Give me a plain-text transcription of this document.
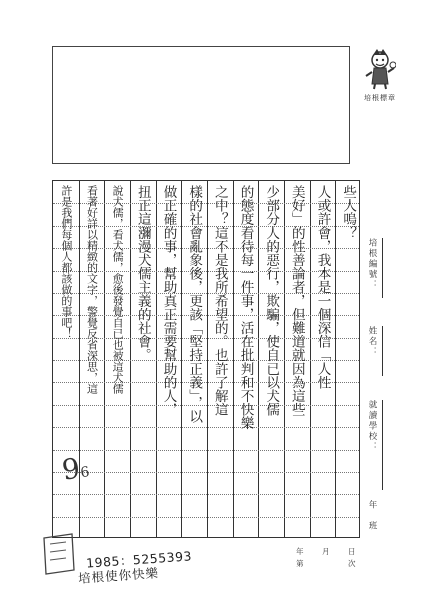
培根標章
些人嗚？
人或許會，我本是一個深信「人性
美好」的性善論者，但難道就因為這些
少部分人的惡行，欺騙，使自已以犬儒
的態度看待每一件事，活在批判和不快樂
之中？這不是我所希望的。也許了解這
樣的社會亂象後，更該「堅持正義」，以
做正確的事，幫助真正需要幫助的人，
扭正這瀰漫犬儒主義的社會。
說犬儒，看犬儒，愈後發覺自已也被這犬儒
看著好詳以精緻的文字，警覺反省深思，這
許是我們每個人都該做的事吧！	培根編號：
姓名：
就讀學校：
年　班
年 月 日
第	次
96
1985：5255393
培根使你快樂
